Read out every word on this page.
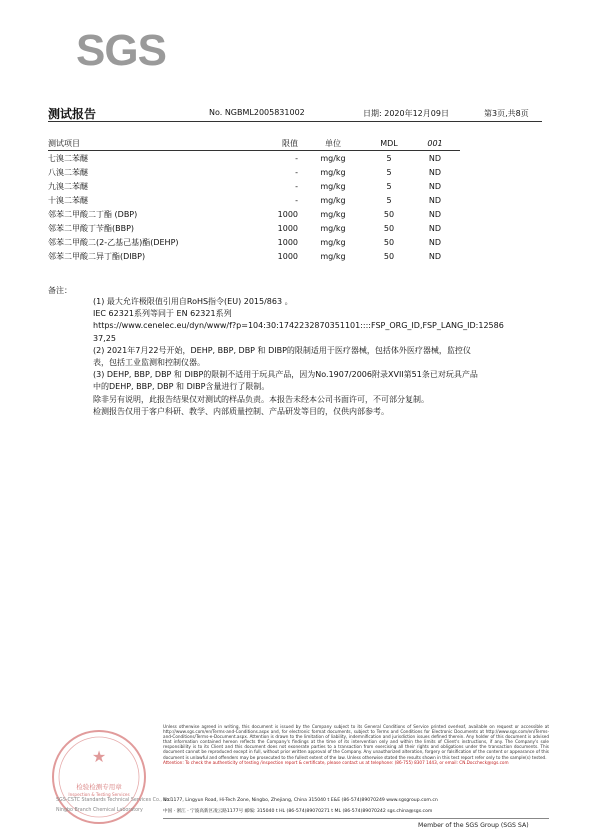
SGS
测试报告	No. NGBML2005831002	日期: 2020年12月09日	第3页,共8页
测试项目	限值	单位	MDL	001
七溴二苯醚	-	mg/kg	5	ND
八溴二苯醚	-	mg/kg	5	ND
九溴二苯醚	-	mg/kg	5	ND
十溴二苯醚	-	mg/kg	5	ND
邻苯二甲酸二丁酯 (DBP)	1000	mg/kg	50	ND
邻苯二甲酸丁苄酯(BBP)	1000	mg/kg	50	ND
邻苯二甲酸二(2-乙基己基)酯(DEHP)	1000	mg/kg	50	ND
邻苯二甲酸二异丁酯(DIBP)	1000	mg/kg	50	ND
备注：

(1) 最大允许极限值引用自RoHS指令(EU) 2015/863 。

IEC 62321系列等同于 EN 62321系列

https://www.cenelec.eu/dyn/www/f?p=104:30:1742232870351101::::FSP_ORG_ID,FSP_LANG_ID:12586

37,25

(2) 2021年7月22号开始，DEHP, BBP, DBP 和 DIBP的限制适用于医疗器械，包括体外医疗器械，监控仪

表，包括工业监测和控制仪器。

(3) DEHP, BBP, DBP 和 DIBP的限制不适用于玩具产品，因为No.1907/2006附录XVII第51条已对玩具产品

中的DEHP, BBP, DBP 和 DIBP含量进行了限制。

除非另有说明，此报告结果仅对测试的样品负责。本报告未经本公司书面许可，不可部分复制。

检测报告仅用于客户科研、教学、内部质量控制、产品研发等目的，仅供内部参考。

Unless otherwise agreed in writing, this document is issued by the Company subject to its General Conditions of Service printed overleaf, available on request or accessible at http://www.sgs.com/en/Terms-and-Conditions.aspx and, for electronic format documents, subject to Terms and Conditions for Electronic Documents at http://www.sgs.com/en/Terms-and-Conditions/Terms-e-Document.aspx. Attention is drawn to the limitation of liability, indemnification and jurisdiction issues defined therein. Any holder of this document is advised that information contained hereon reflects the Company's findings at the time of its intervention only and within the limits of Client's instructions, if any. The Company's sole responsibility is to its Client and this document does not exonerate parties to a transaction from exercising all their rights and obligations under the transaction documents. This document cannot be reproduced except in full, without prior written approval of the Company. Any unauthorized alteration, forgery or falsification of the content or appearance of this document is unlawful and offenders may be prosecuted to the fullest extent of the law. Unless otherwise stated the results shown in this test report refer only to the sample(s) tested.
Attention: To check the authenticity of testing /inspection report & certificate, please contact us at telephone: (86-755) 8307 1443, or email: CN.Doccheck@sgs.com
★
检验检测专用章
Inspection & Testing Services
SGS-CSTC Standards Technical Services Co., Ltd.
Ningbo Branch Chemical Laboratory
No.1177, Lingyun Road, Hi-Tech Zone, Ningbo, Zhejiang, China 315040 t E&E (86-574)89070249 www.sgsgroup.com.cn
中国 · 浙江 · 宁波高新区凌云路1177号 邮编: 315040 t HL (86-574)89070271 t ML (86-574)89070242 sgs.china@sgs.com
Member of the SGS Group (SGS SA)
